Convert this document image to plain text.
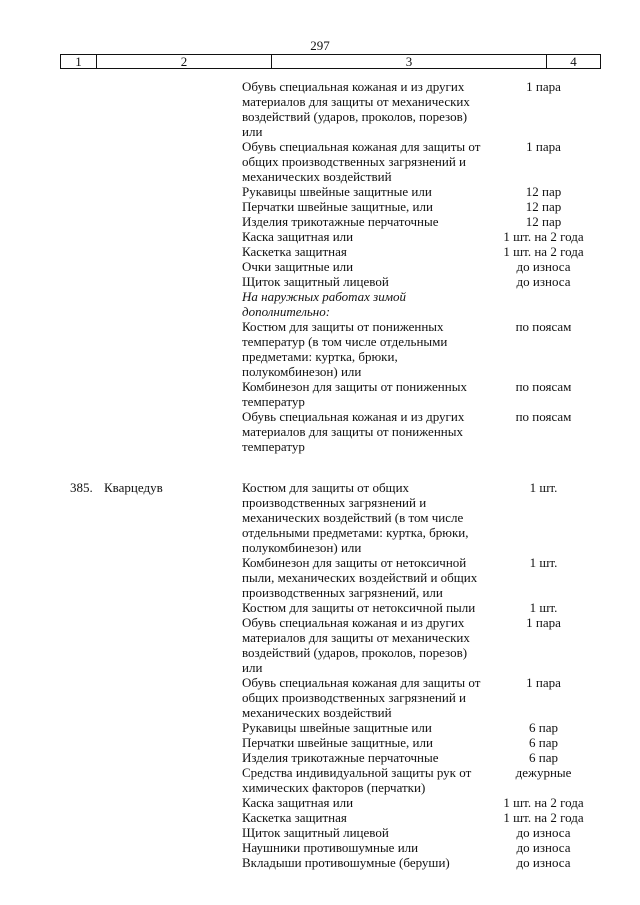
297
1	2	3	4
Обувь специальная кожаная и из других	1 пара
материалов для защиты от механических
воздействий (ударов, проколов, порезов)
или
Обувь специальная кожаная для защиты от	1 пара
общих производственных загрязнений и
механических воздействий
Рукавицы швейные защитные или	12 пар
Перчатки швейные защитные, или	12 пар
Изделия трикотажные перчаточные	12 пар
Каска защитная или	1 шт. на 2 года
Каскетка защитная	1 шт. на 2 года
Очки защитные или	до износа
Щиток защитный лицевой	до износа
На наружных работах зимой
дополнительно:
Костюм для защиты от пониженных	по поясам
температур (в том числе отдельными
предметами: куртка, брюки,
полукомбинезон) или
Комбинезон для защиты от пониженных	по поясам
температур
Обувь специальная кожаная и из других	по поясам
материалов для защиты от пониженных
температур
385. Кварцедув	Костюм для защиты от общих	1 шт.
производственных загрязнений и
механических воздействий (в том числе
отдельными предметами: куртка, брюки,
полукомбинезон) или
Комбинезон для защиты от нетоксичной	1 шт.
пыли, механических воздействий и общих
производственных загрязнений, или
Костюм для защиты от нетоксичной пыли	1 шт.
Обувь специальная кожаная и из других	1 пара
материалов для защиты от механических
воздействий (ударов, проколов, порезов)
или
Обувь специальная кожаная для защиты от	1 пара
общих производственных загрязнений и
механических воздействий
Рукавицы швейные защитные или	6 пар
Перчатки швейные защитные, или	6 пар
Изделия трикотажные перчаточные	6 пар
Средства индивидуальной защиты рук от	дежурные
химических факторов (перчатки)
Каска защитная или	1 шт. на 2 года
Каскетка защитная	1 шт. на 2 года
Щиток защитный лицевой	до износа
Наушники противошумные или	до износа
Вкладыши противошумные (беруши)	до износа
